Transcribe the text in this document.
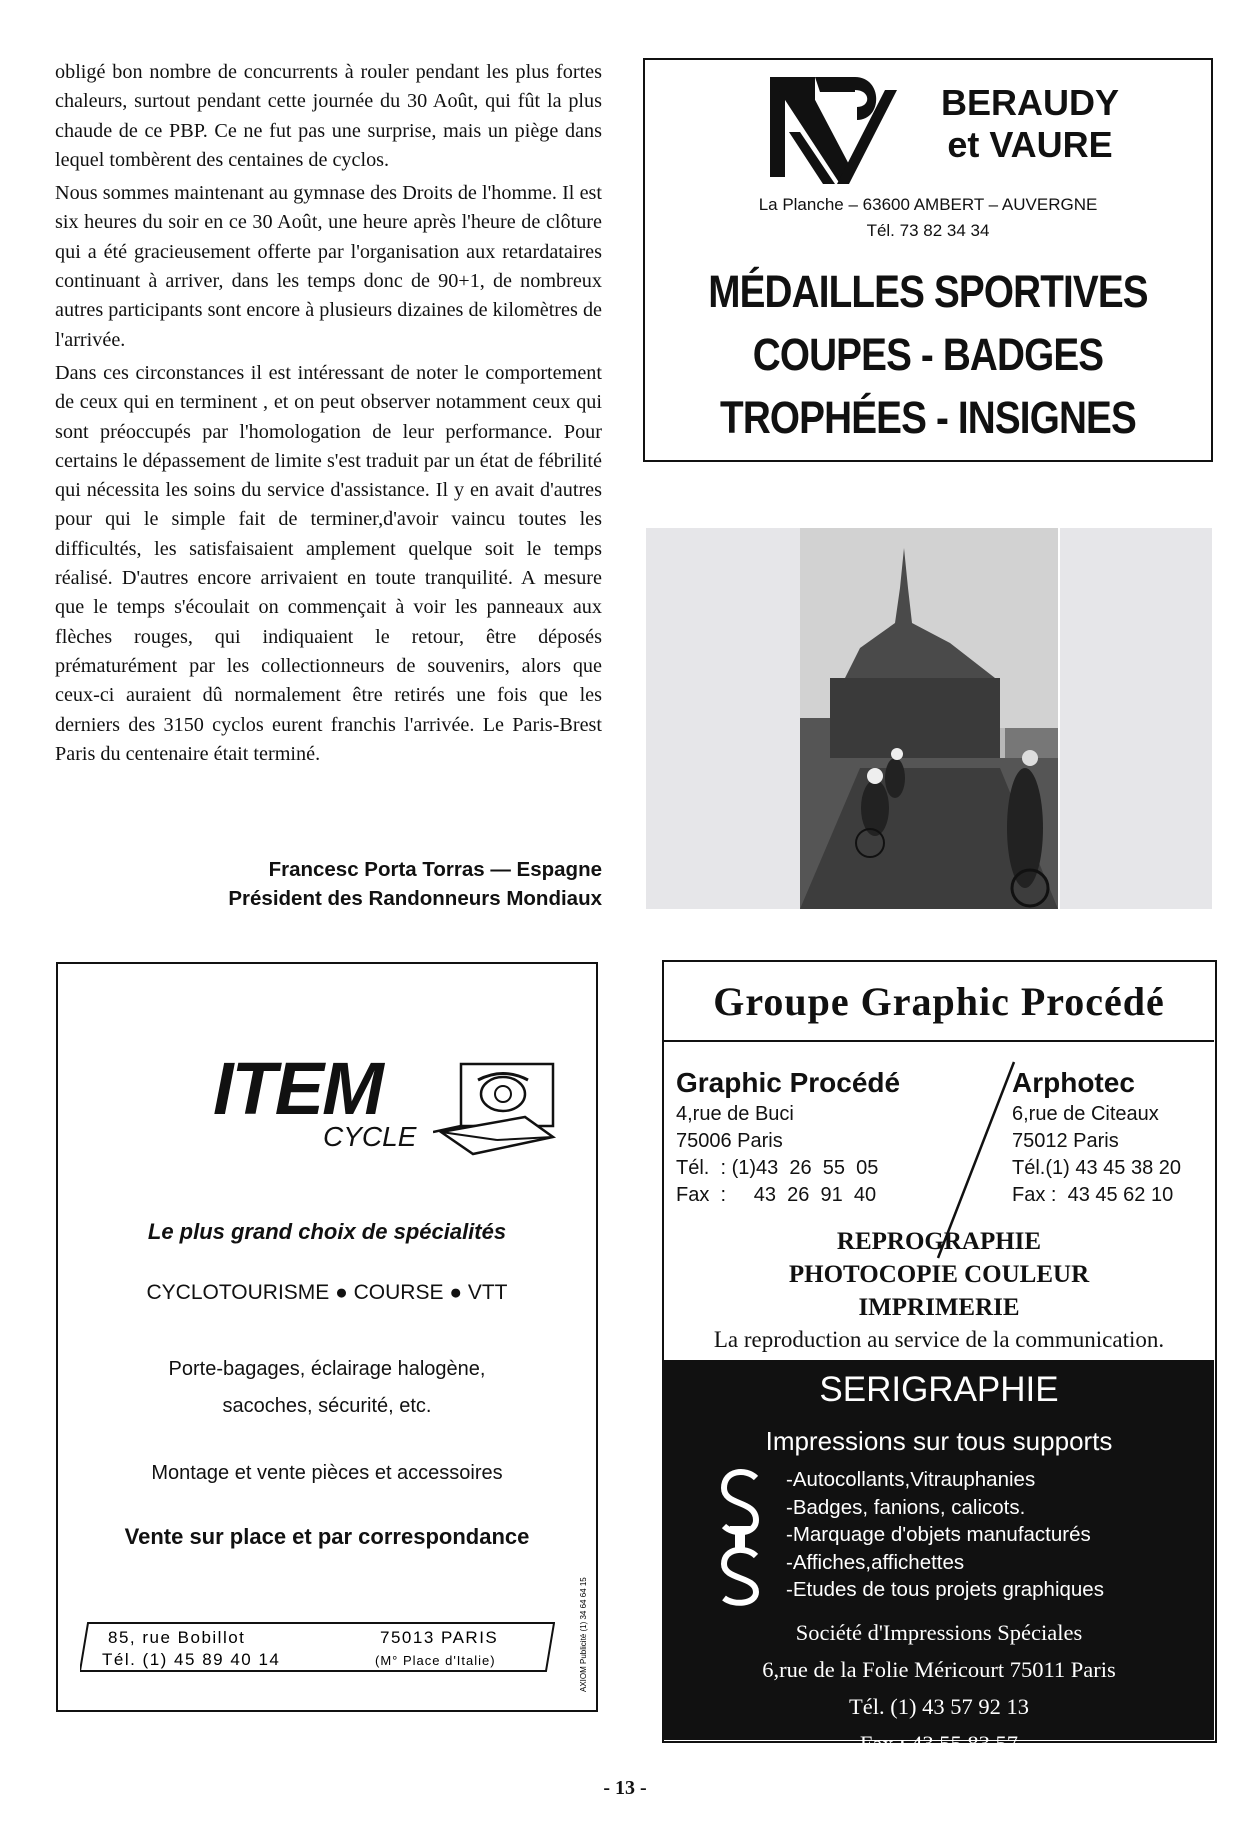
obligé bon nombre de concurrents à rouler pendant les plus fortes chaleurs, surtout pendant cette journée du 30 Août, qui fût la plus chaude de ce PBP. Ce ne fut pas une surprise, mais un piège dans lequel tombèrent des centaines de cyclos.

Nous sommes maintenant au gymnase des Droits de l'homme. Il est six heures du soir en ce 30 Août, une heure après l'heure de clôture qui a été gracieusement offerte par l'organisation aux retardataires continuant à arriver, dans les temps donc de 90+1, de nombreux autres participants sont encore à plusieurs dizaines de kilomètres de l'arrivée.

Dans ces circonstances il est intéressant de noter le comportement de ceux qui en terminent , et on peut observer notamment ceux qui sont préoccupés par l'homologation de leur performance. Pour certains le dépassement de limite s'est traduit par un état de fébrilité qui nécessita les soins du service d'assistance. Il y en avait d'autres pour qui le simple fait de terminer,d'avoir vaincu toutes les difficultés, les satisfaisaient amplement quelque soit le temps réalisé. D'autres encore arrivaient en toute tranquilité. A mesure que le temps s'écoulait on commençait à voir les panneaux aux flèches rouges, qui indiquaient le retour, être déposés prématurément par les collectionneurs de souvenirs, alors que ceux-ci auraient dû normalement être retirés une fois que les derniers des 3150 cyclos eurent franchis l'arrivée. Le Paris-Brest Paris du centenaire était terminé.

Francesc Porta Torras — Espagne
Président des Randonneurs Mondiaux
BERAUDY
et VAURE
La Planche – 63600 AMBERT – AUVERGNE
Tél. 73 82 34 34
MÉDAILLES SPORTIVES
COUPES - BADGES
TROPHÉES - INSIGNES
ITEM
CYCLE
Le plus grand choix de spécialités
CYCLOTOURISME ● COURSE ● VTT
Porte-bagages, éclairage halogène,
sacoches, sécurité, etc.
Montage et vente pièces et accessoires
Vente sur place et par correspondance
85, rue Bobillot
Tél. (1) 45 89 40 14
75013 PARIS
(M° Place d'Italie)	AXIOM Publicité (1) 34 64 64 15
Groupe Graphic Procédé
Graphic Procédé
4,rue de Buci
75006 Paris
Tél.  : (1)43  26  55  05
Fax  :     43  26  91  40
Arphotec
6,rue de Citeaux
75012 Paris
Tél.(1) 43 45 38 20
Fax :  43 45 62 10
REPROGRAPHIE
PHOTOCOPIE COULEUR
IMPRIMERIE
La reproduction au service de la communication.
SERIGRAPHIE
Impressions sur tous supports
-Autocollants,Vitrauphanies
-Badges, fanions, calicots.
-Marquage d'objets manufacturés
-Affiches,affichettes
-Etudes de tous projets graphiques
Société d'Impressions Spéciales
6,rue de la Folie Méricourt 75011 Paris
Tél. (1) 43 57 92 13
Fax : 43 55 83 57
- 13 -
